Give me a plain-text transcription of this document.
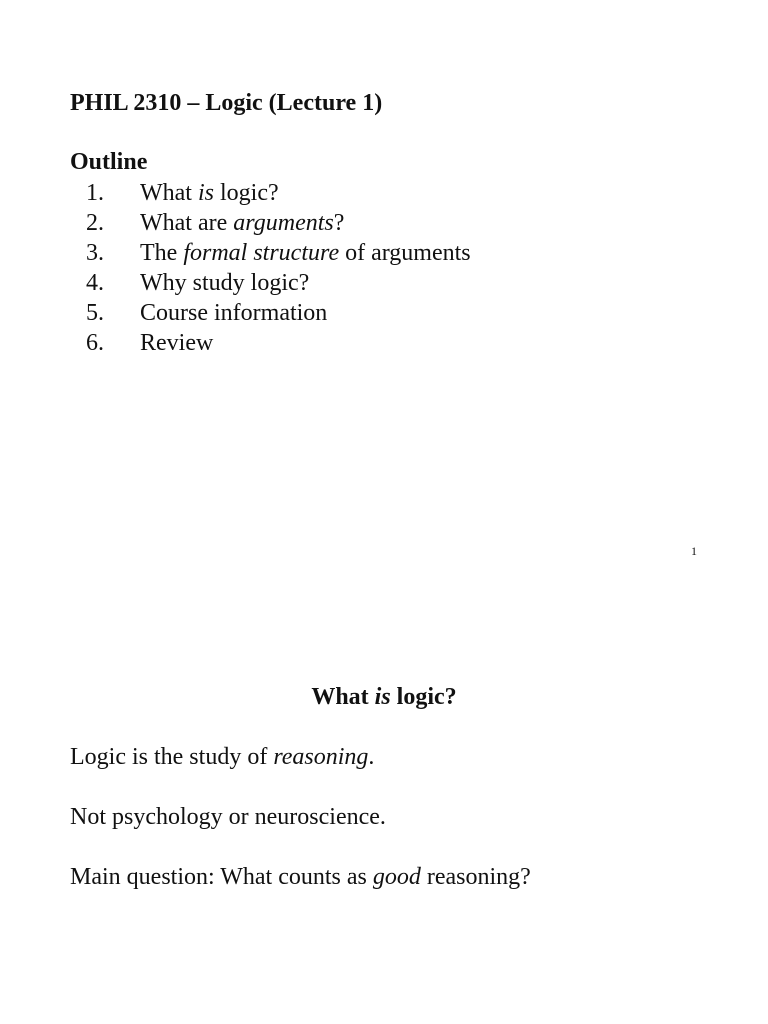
PHIL 2310 – Logic (Lecture 1)
Outline
1.	What is logic?
2.	What are arguments?
3.	The formal structure of arguments
4.	Why study logic?
5.	Course information
6.	Review
1
What is logic?
Logic is the study of reasoning.
Not psychology or neuroscience.
Main question: What counts as good reasoning?
